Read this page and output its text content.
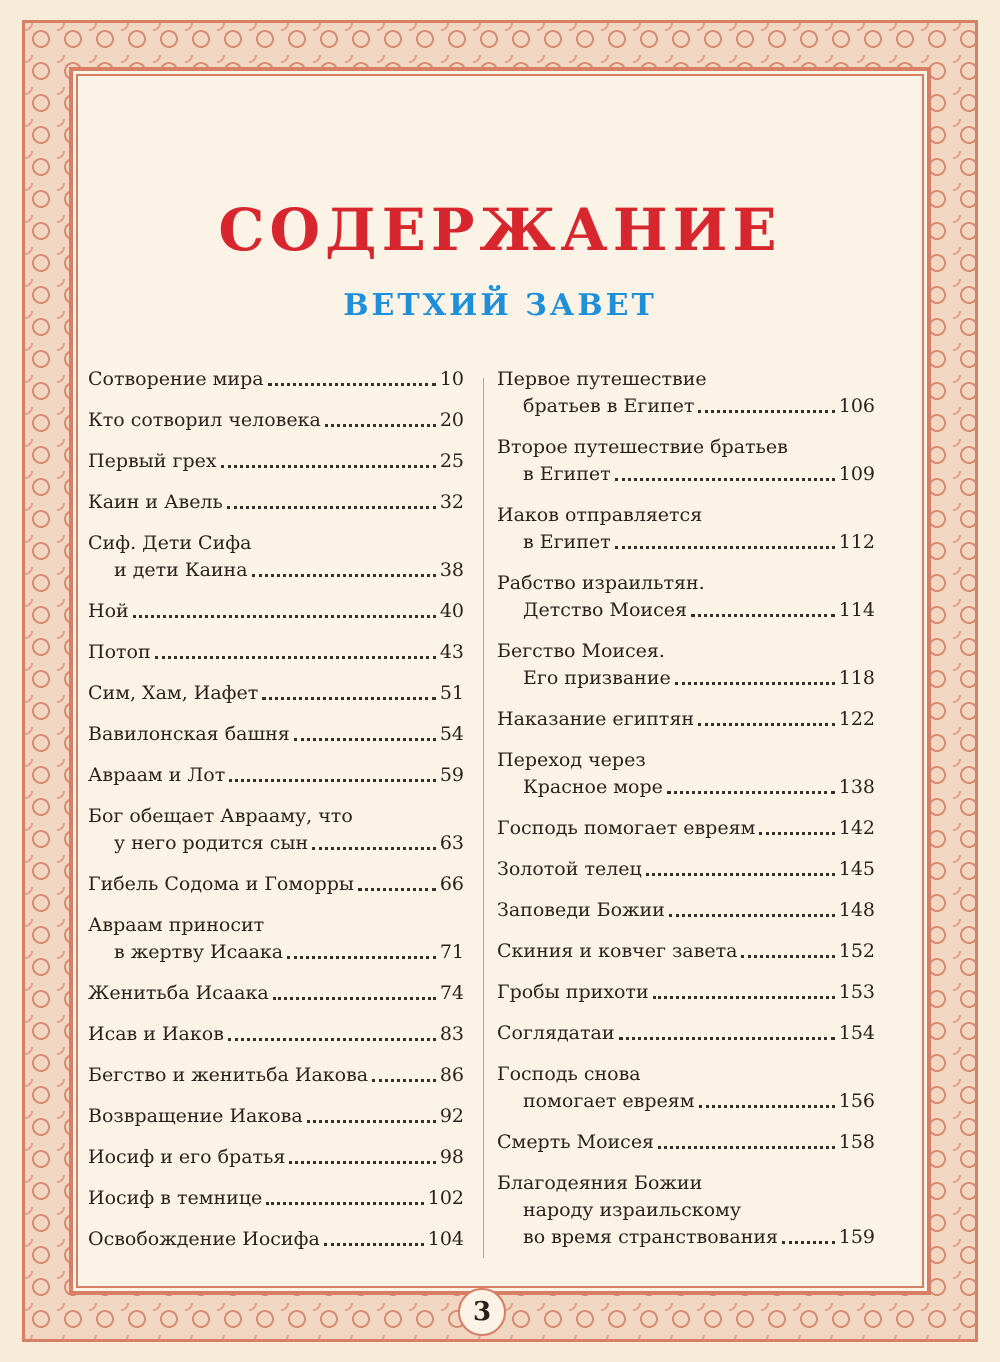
СОДЕРЖАНИЕ
ВЕТХИЙ ЗАВЕТ
Сотворение мира	10
Кто сотворил человека	20
Первый грех	25
Каин и Авель	32
Сиф. Дети Сифа
и дети Каина	38
Ной	40
Потоп	43
Сим, Хам, Иафет	51
Вавилонская башня	54
Авраам и Лот	59
Бог обещает Аврааму, что
у него родится сын	63
Гибель Содома и Гоморры	66
Авраам приносит
в жертву Исаака	71
Женитьба Исаака	74
Исав и Иаков	83
Бегство и женитьба Иакова	86
Возвращение Иакова	92
Иосиф и его братья	98
Иосиф в темнице	102
Освобождение Иосифа	104
Первое путешествие
братьев в Египет	106
Второе путешествие братьев
в Египет	109
Иаков отправляется
в Египет	112
Рабство израильтян.
Детство Моисея	114
Бегство Моисея.
Его призвание	118
Наказание египтян	122
Переход через
Красное море	138
Господь помогает евреям	142
Золотой телец	145
Заповеди Божии	148
Скиния и ковчег завета	152
Гробы прихоти	153
Соглядатаи	154
Господь снова
помогает евреям	156
Смерть Моисея	158
Благодеяния Божии
народу израильскому
во время странствования	159
3
